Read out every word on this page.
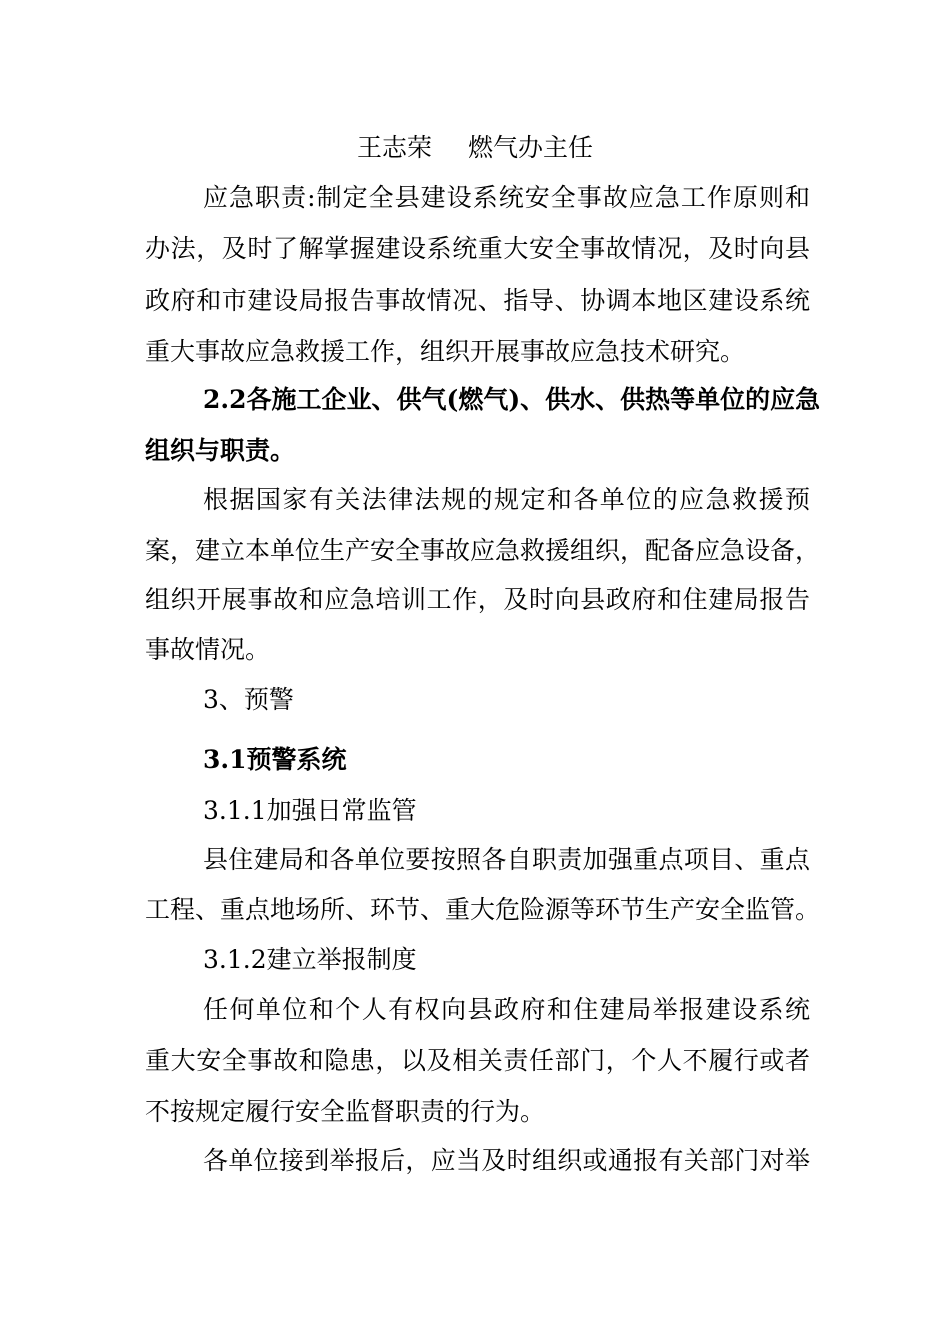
王志荣 燃气办主任
应急职责:制定全县建设系统安全事故应急工作原则和
办法，及时了解掌握建设系统重大安全事故情况，及时向县
政府和市建设局报告事故情况、指导、协调本地区建设系统
重大事故应急救援工作，组织开展事故应急技术研究。
2.2各施工企业、供气(燃气)、供水、供热等单位的应急
组织与职责。
根据国家有关法律法规的规定和各单位的应急救援预
案，建立本单位生产安全事故应急救援组织，配备应急设备，
组织开展事故和应急培训工作，及时向县政府和住建局报告
事故情况。
3、预警
3.1预警系统
3.1.1加强日常监管
县住建局和各单位要按照各自职责加强重点项目、重点
工程、重点地场所、环节、重大危险源等环节生产安全监管。
3.1.2建立举报制度
任何单位和个人有权向县政府和住建局举报建设系统
重大安全事故和隐患，以及相关责任部门，个人不履行或者
不按规定履行安全监督职责的行为。
各单位接到举报后，应当及时组织或通报有关部门对举
